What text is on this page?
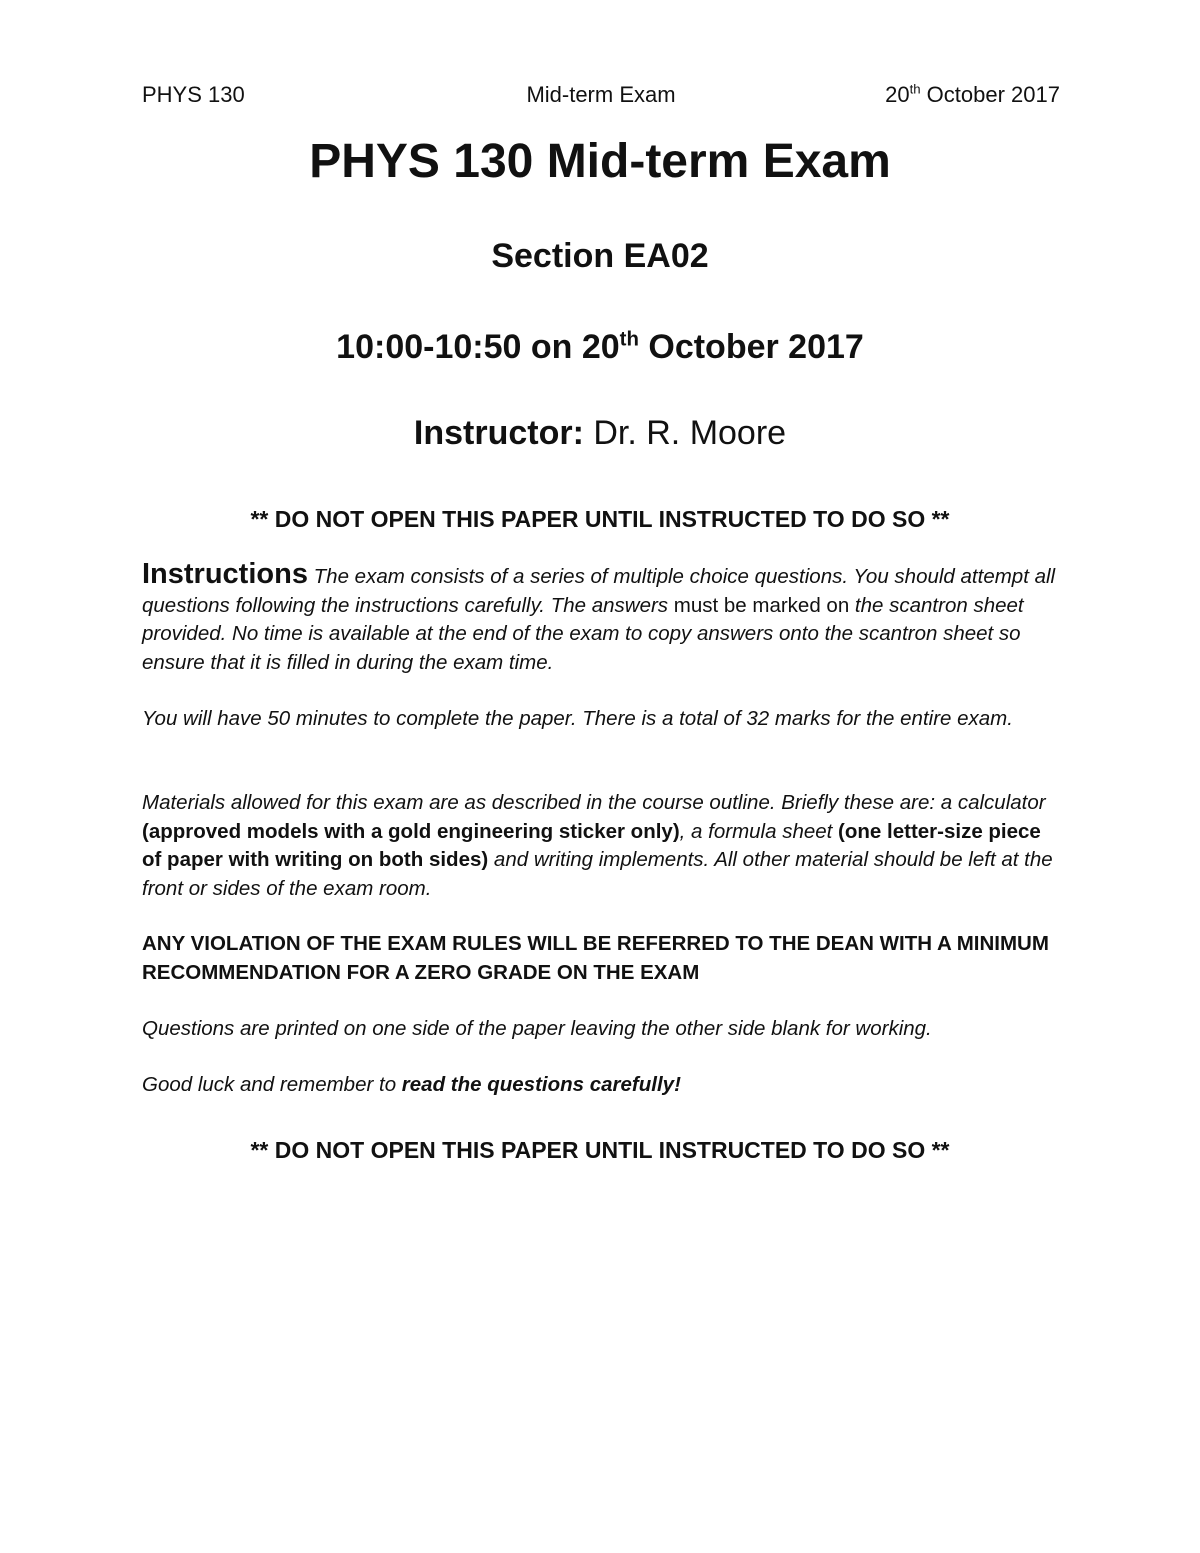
PHYS 130	Mid-term Exam	20th October 2017
PHYS 130 Mid-term Exam
Section EA02
10:00-10:50 on 20th October 2017
Instructor: Dr. R. Moore
** DO NOT OPEN THIS PAPER UNTIL INSTRUCTED TO DO SO **
Instructions The exam consists of a series of multiple choice questions. You should attempt all questions following the instructions carefully. The answers must be marked on the scantron sheet provided. No time is available at the end of the exam to copy answers onto the scantron sheet so ensure that it is filled in during the exam time.
You will have 50 minutes to complete the paper. There is a total of 32 marks for the entire exam.
Materials allowed for this exam are as described in the course outline. Briefly these are: a calculator (approved models with a gold engineering sticker only), a formula sheet (one letter-size piece of paper with writing on both sides) and writing implements. All other material should be left at the front or sides of the exam room.
ANY VIOLATION OF THE EXAM RULES WILL BE REFERRED TO THE DEAN WITH A MINIMUM RECOMMENDATION FOR A ZERO GRADE ON THE EXAM
Questions are printed on one side of the paper leaving the other side blank for working.
Good luck and remember to read the questions carefully!
** DO NOT OPEN THIS PAPER UNTIL INSTRUCTED TO DO SO **
